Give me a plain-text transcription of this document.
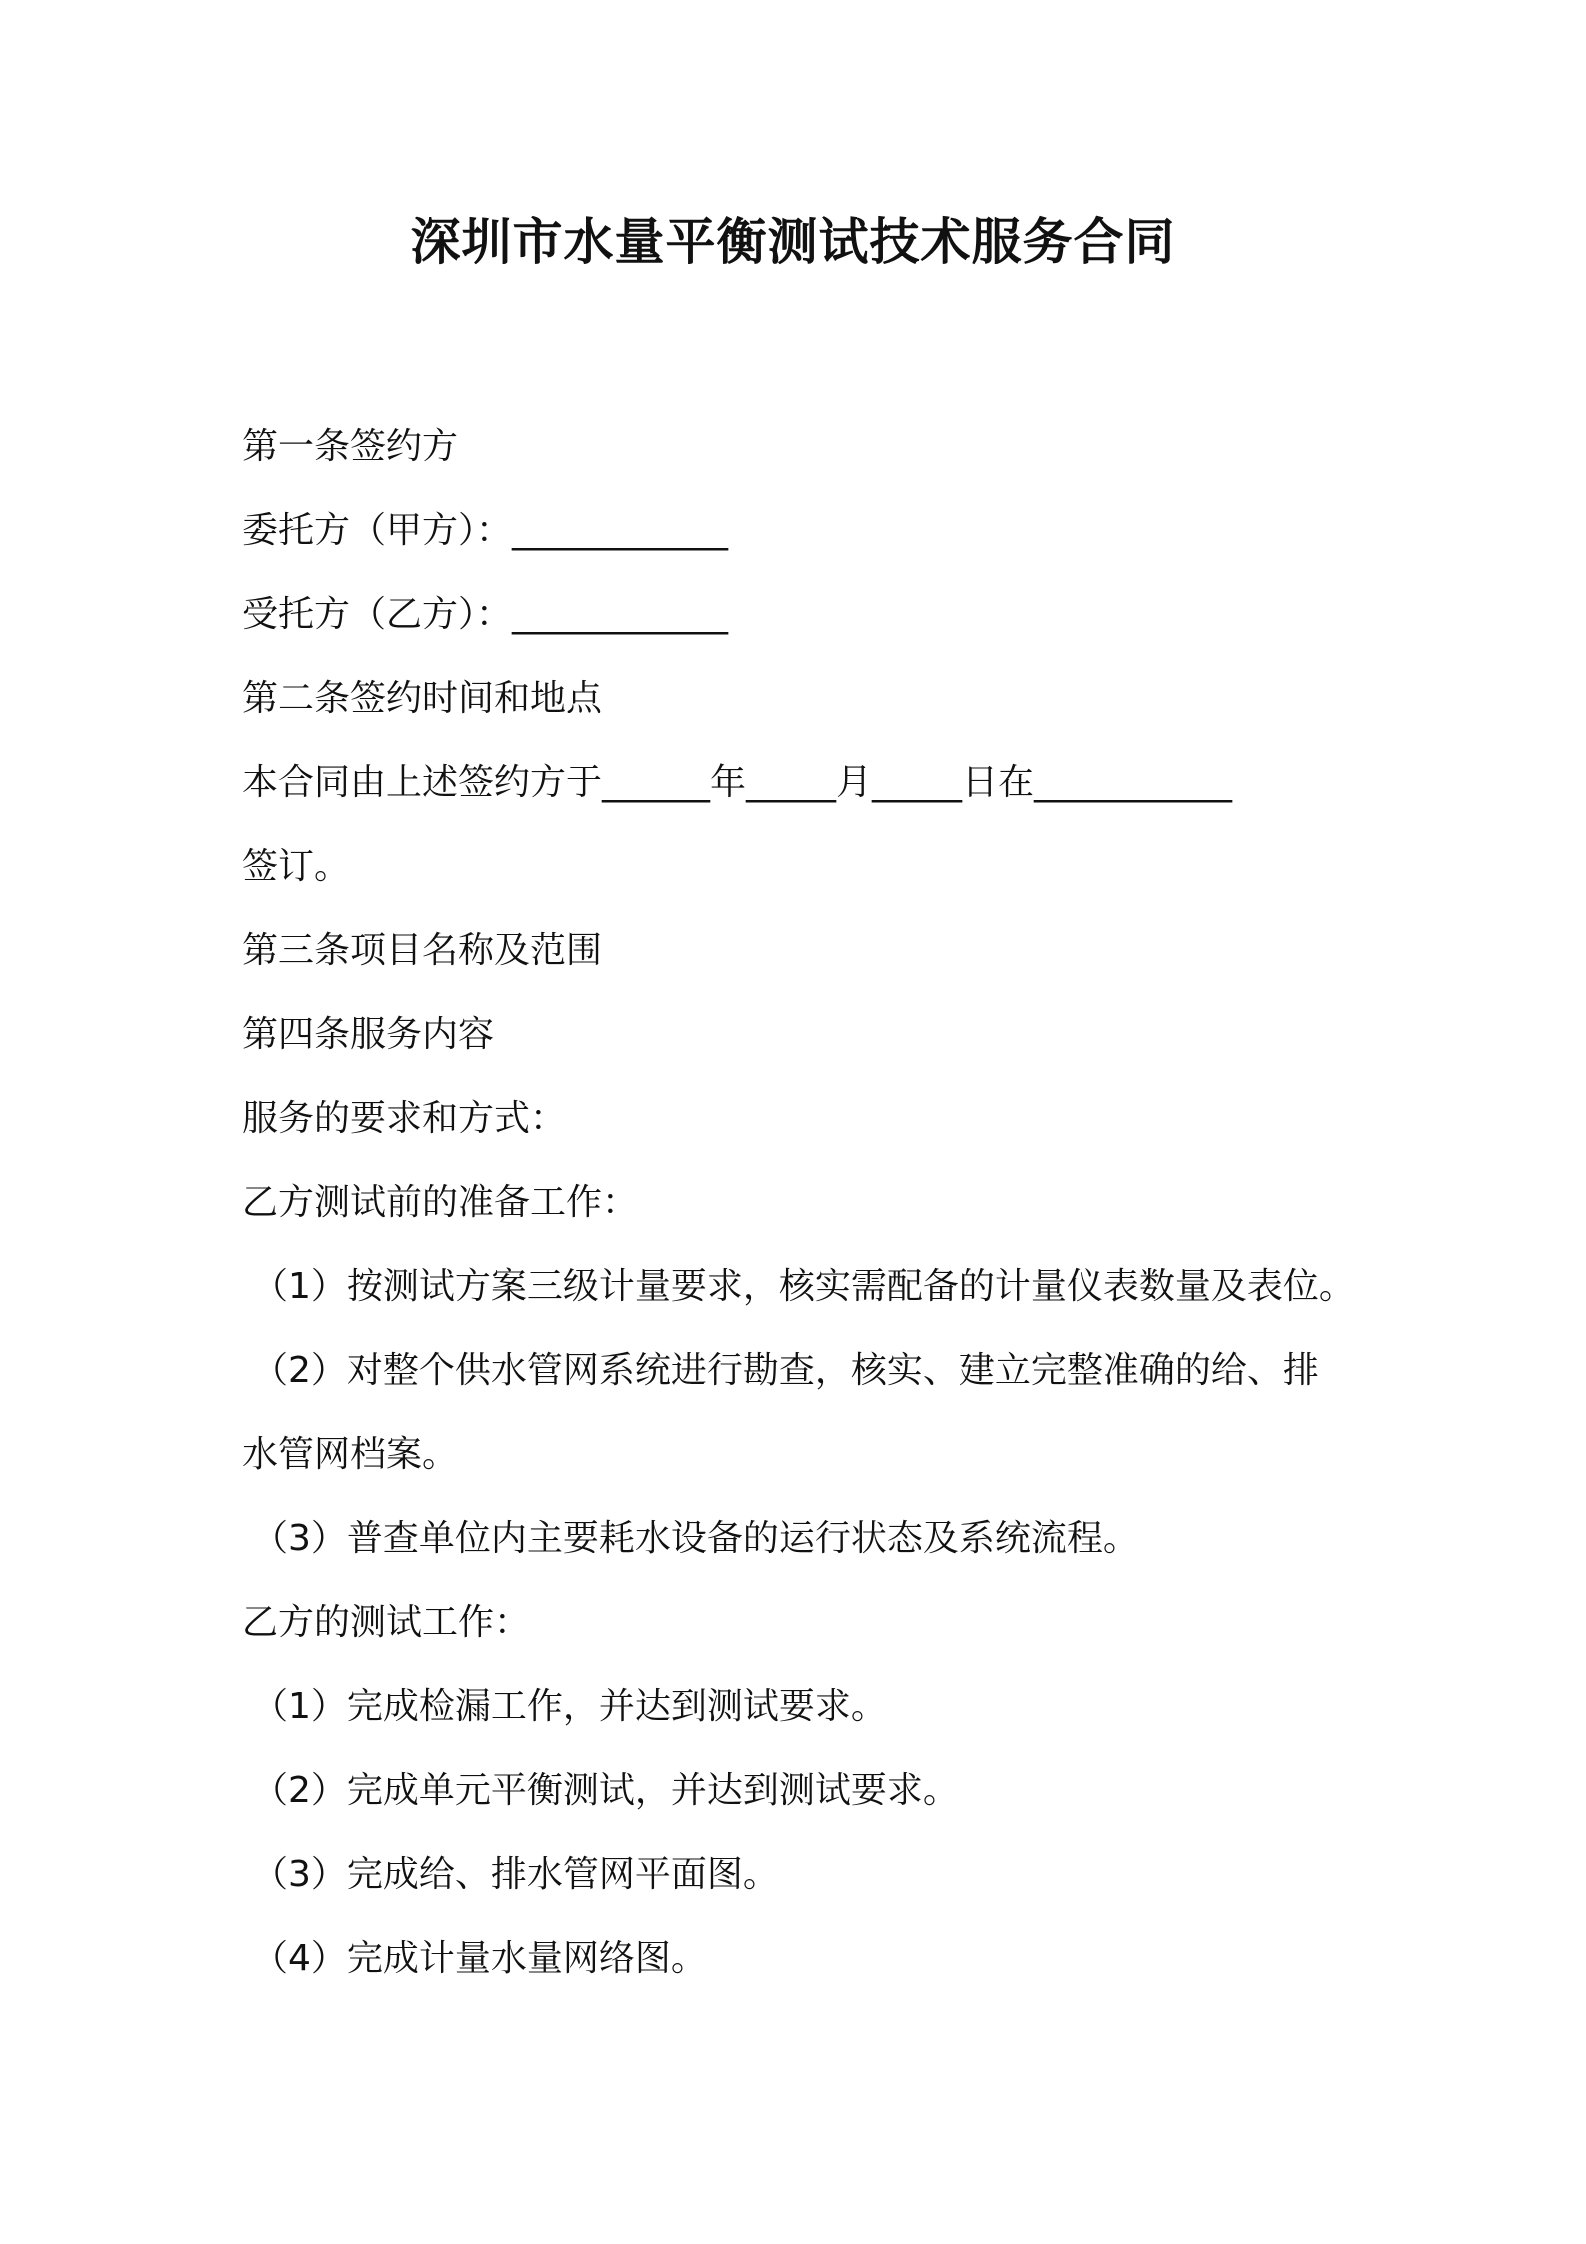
深圳市水量平衡测试技术服务合同

第一条签约方

委托方（甲方）：____________

受托方（乙方）：____________

第二条签约时间和地点

本合同由上述签约方于______年_____月_____日在___________

签订。

第三条项目名称及范围

第四条服务内容

服务的要求和方式：

乙方测试前的准备工作：

（1）按测试方案三级计量要求，核实需配备的计量仪表数量及表位。

（2）对整个供水管网系统进行勘查，核实、建立完整准确的给、排

水管网档案。

（3）普查单位内主要耗水设备的运行状态及系统流程。

乙方的测试工作：

（1）完成检漏工作，并达到测试要求。

（2）完成单元平衡测试，并达到测试要求。

（3）完成给、排水管网平面图。

（4）完成计量水量网络图。
